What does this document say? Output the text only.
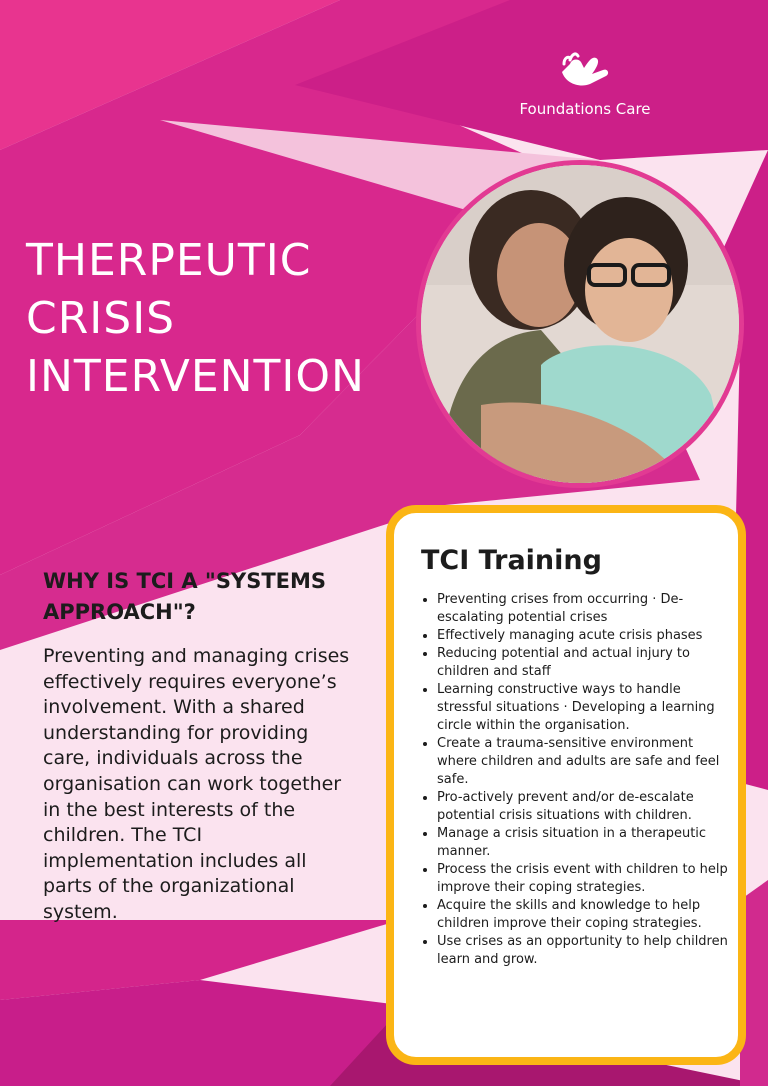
Foundations Care
THERPEUTIC
CRISIS
INTERVENTION
WHY IS TCI A "SYSTEMS APPROACH"?

Preventing and managing crises effectively requires everyone’s involvement. With a shared understanding for providing care, individuals across the organisation can work together in the best interests of the children. The TCI implementation includes all parts of the organizational system.

TCI Training
• Preventing crises from occurring · De-escalating potential crises
• Effectively managing acute crisis phases
• Reducing potential and actual injury to children and staff
• Learning constructive ways to handle stressful situations · Developing a learning circle within the organisation.
• Create a trauma-sensitive environment where children and adults are safe and feel safe.
• Pro-actively prevent and/or de-escalate potential crisis situations with children.
• Manage a crisis situation in a therapeutic manner.
• Process the crisis event with children to help improve their coping strategies.
• Acquire the skills and knowledge to help children improve their coping strategies.
• Use crises as an opportunity to help children learn and grow.
